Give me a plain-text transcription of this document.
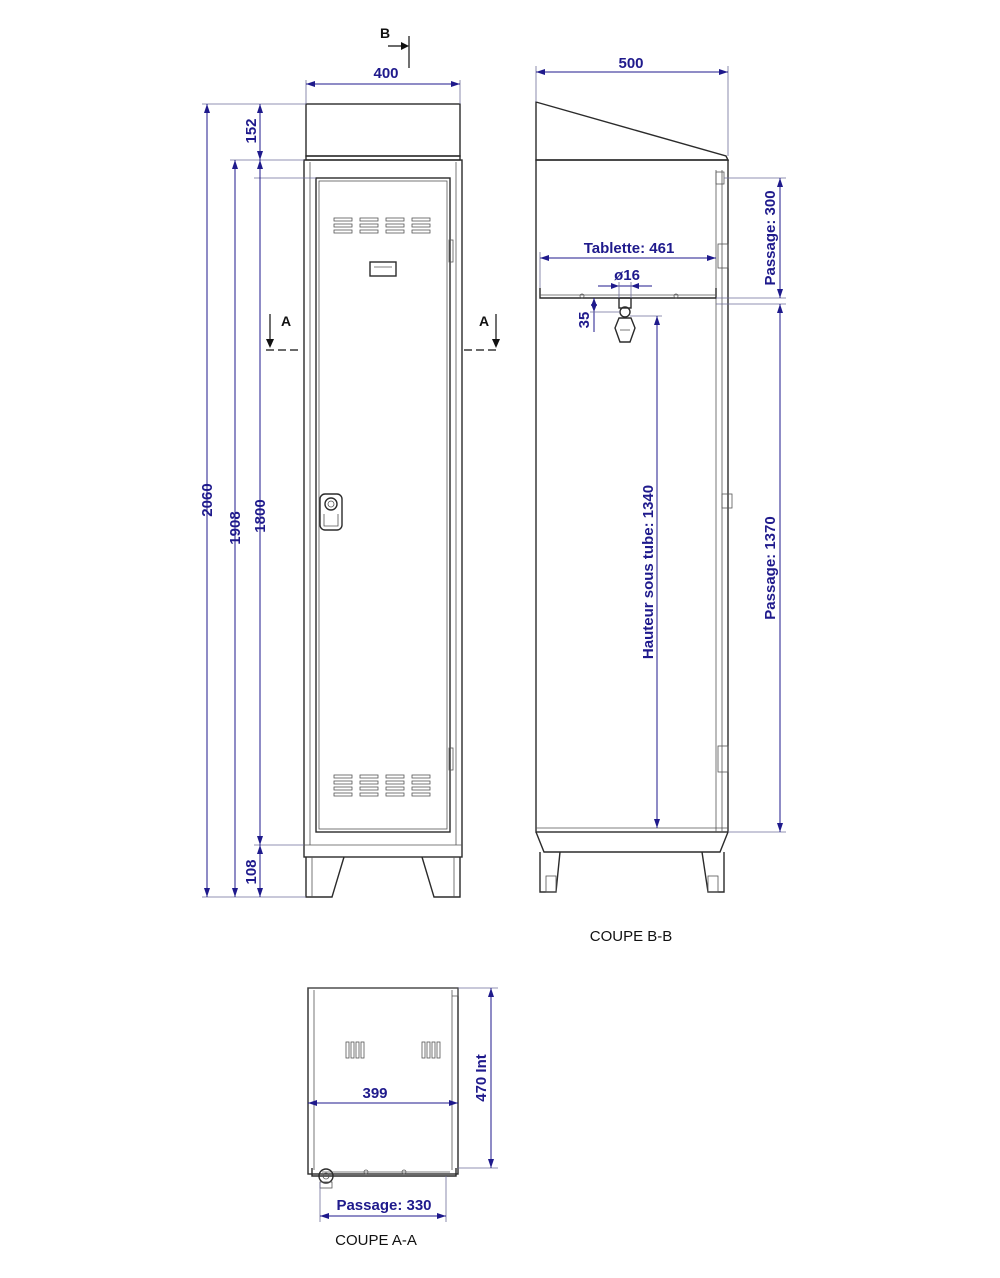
400
B
A	A
2060
1908 1800
152
108
500
Tablette: 461
ø16
35
Hauteur sous tube: 1340
Passage: 300
Passage: 1370
COUPE B-B
399	470 Int
Passage: 330
COUPE A-A
